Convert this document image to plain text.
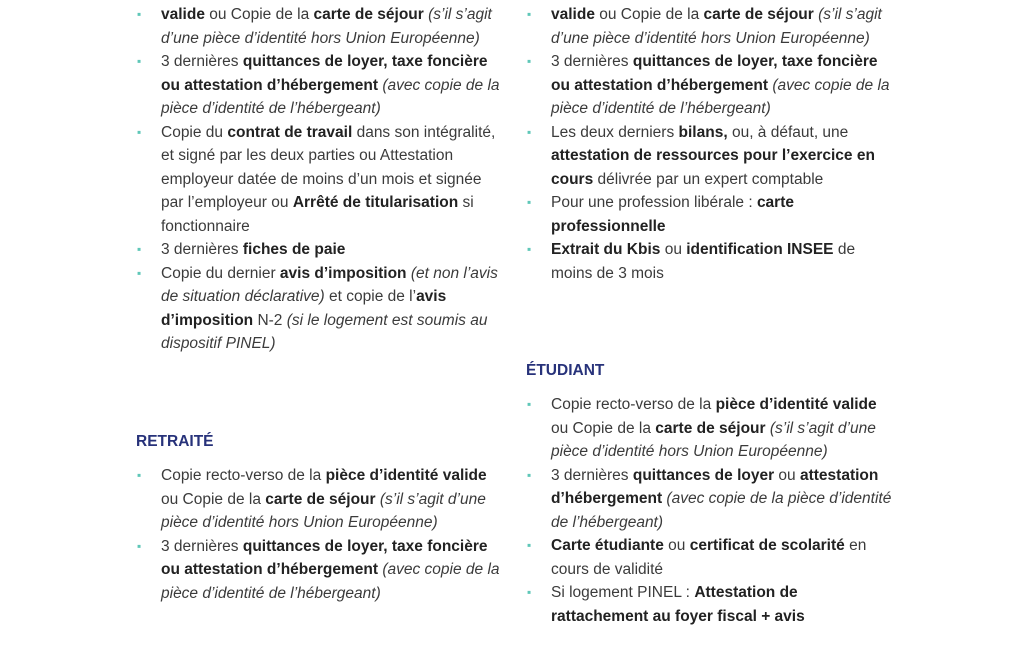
▪ valide ou Copie de la carte de séjour (s’il s’agit d’une pièce d’identité hors Union Européenne)
▪ 3 dernières quittances de loyer, taxe foncière ou attestation d’hébergement (avec copie de la pièce d’identité de l’hébergeant)
▪ Copie du contrat de travail dans son intégralité, et signé par les deux parties ou Attestation employeur datée de moins d’un mois et signée par l’employeur ou Arrêté de titularisation si fonctionnaire
▪ 3 dernières fiches de paie
▪ Copie du dernier avis d’imposition (et non l’avis de situation déclarative) et copie de l’avis d’imposition N-2 (si le logement est soumis au dispositif PINEL)
RETRAITÉ
▪ Copie recto-verso de la pièce d’identité valide ou Copie de la carte de séjour (s’il s’agit d’une pièce d’identité hors Union Européenne)
▪ 3 dernières quittances de loyer, taxe foncière ou attestation d’hébergement (avec copie de la pièce d’identité de l’hébergeant)
▪ valide ou Copie de la carte de séjour (s’il s’agit d’une pièce d’identité hors Union Européenne)
▪ 3 dernières quittances de loyer, taxe foncière ou attestation d’hébergement (avec copie de la pièce d’identité de l’hébergeant)
▪ Les deux derniers bilans, ou, à défaut, une attestation de ressources pour l’exercice en cours délivrée par un expert comptable
▪ Pour une profession libérale : carte professionnelle
▪ Extrait du Kbis ou identification INSEE de moins de 3 mois
ÉTUDIANT
▪ Copie recto-verso de la pièce d’identité valide ou Copie de la carte de séjour (s’il s’agit d’une pièce d’identité hors Union Européenne)
▪ 3 dernières quittances de loyer ou attestation d’hébergement (avec copie de la pièce d’identité de l’hébergeant)
▪ Carte étudiante ou certificat de scolarité en cours de validité
▪ Si logement PINEL : Attestation de rattachement au foyer fiscal + avis
